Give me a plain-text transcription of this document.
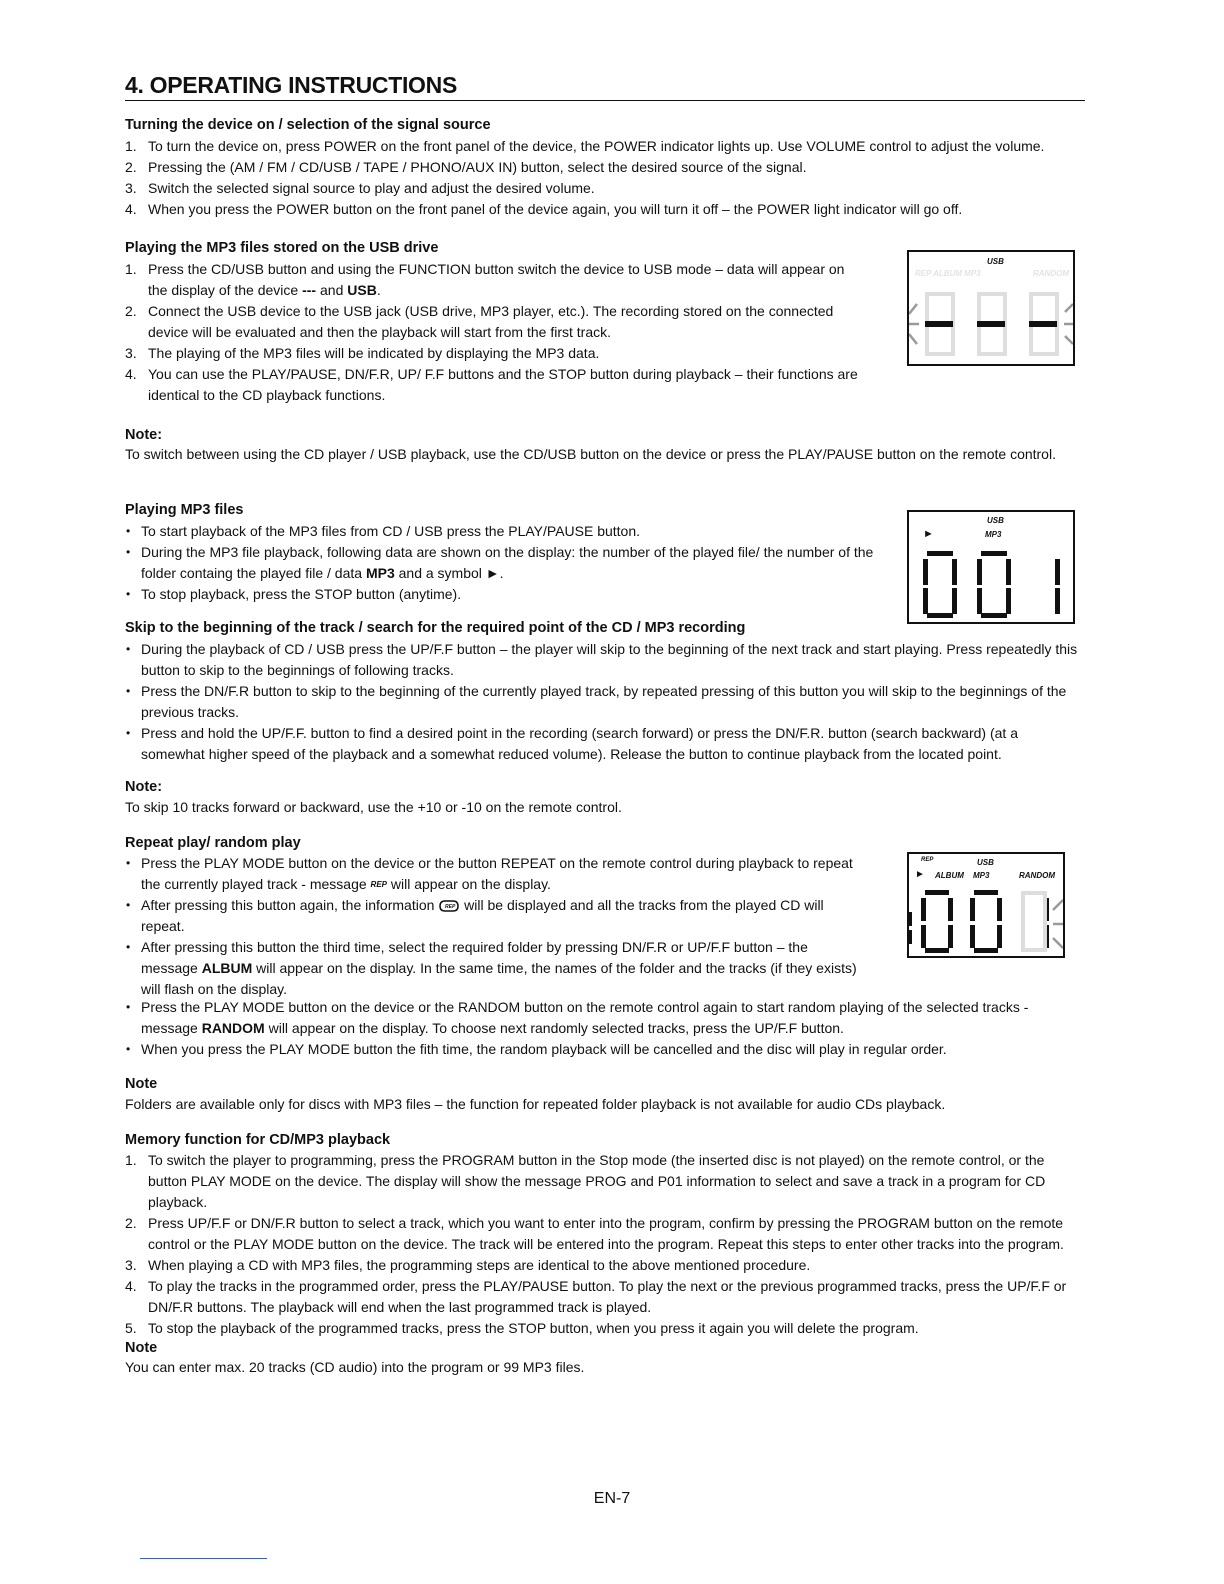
4. OPERATING INSTRUCTIONS
Turning the device on / selection of the signal source
1. To turn the device on, press POWER on the front panel of the device, the POWER indicator lights up. Use VOLUME control to adjust the volume.
2. Pressing the (AM / FM / CD/USB / TAPE / PHONO/AUX IN) button, select the desired source of the signal.
3. Switch the selected signal source to play and adjust the desired volume.
4. When you press the POWER button on the front panel of the device again, you will turn it off – the POWER light indicator will go off.
Playing the MP3 files stored on the USB drive
1. Press the CD/USB button and using the FUNCTION button switch the device to USB mode – data will appear on the display of the device --- and USB.
2. Connect the USB device to the USB jack (USB drive, MP3 player, etc.). The recording stored on the connected device will be evaluated and then the playback will start from the first track.
3. The playing of the MP3 files will be indicated by displaying the MP3 data.
4. You can use the PLAY/PAUSE, DN/F.R, UP/ F.F buttons and the STOP button during playback – their functions are identical to the CD playback functions.
USB
REP ALBUM MP3	RANDOM
Note:
To switch between using the CD player / USB playback, use the CD/USB button on the device or press the PLAY/PAUSE button on the remote control.
Playing MP3 files
• To start playback of the MP3 files from CD / USB press the PLAY/PAUSE button.
• During the MP3 file playback, following data are shown on the display: the number of the played file/ the number of the folder containg the played file / data MP3 and a symbol ►.
• To stop playback, press the STOP button (anytime).
USB
►	MP3
Skip to the beginning of the track / search for the required point of the CD / MP3 recording
• During the playback of CD / USB press the UP/F.F button – the player will skip to the beginning of the next track and start playing. Press repeatedly this button to skip to the beginnings of following tracks.
• Press the DN/F.R button to skip to the beginning of the currently played track, by repeated pressing of this button you will skip to the beginnings of the previous tracks.
• Press and hold the UP/F.F. button to find a desired point in the recording (search forward) or press the DN/F.R. button (search backward) (at a somewhat higher speed of the playback and a somewhat reduced volume). Release the button to continue playback from the located point.
Note:
To skip 10 tracks forward or backward, use the +10 or -10 on the remote control.
Repeat play/ random play
• Press the PLAY MODE button on the device or the button REPEAT on the remote control during playback to repeat the currently played track - message $^{REP}$ will appear on the display.
• After pressing this button again, the information REP will be displayed and all the tracks from the played CD will repeat.
• After pressing this button the third time, select the required folder by pressing DN/F.R or UP/F.F button – the message ALBUM will appear on the display. In the same time, the names of the folder and the tracks (if they exists) will flash on the display.
• Press the PLAY MODE button on the device or the RANDOM button on the remote control again to start random playing of the selected tracks - message RANDOM will appear on the display. To choose next randomly selected tracks, press the UP/F.F button.
• When you press the PLAY MODE button the fith time, the random playback will be cancelled and the disc will play in regular order.
REP	USB
► ALBUM MP3	RANDOM
Note
Folders are available only for discs with MP3 files – the function for repeated folder playback is not available for audio CDs playback.
Memory function for CD/MP3 playback
1. To switch the player to programming, press the PROGRAM button in the Stop mode (the inserted disc is not played) on the remote control, or the button PLAY MODE on the device. The display will show the message PROG and P01 information to select and save a track in a program for CD playback.
2. Press UP/F.F or DN/F.R button to select a track, which you want to enter into the program, confirm by pressing the PROGRAM button on the remote control or the PLAY MODE button on the device. The track will be entered into the program. Repeat this steps to enter other tracks into the program.
3. When playing a CD with MP3 files, the programming steps are identical to the above mentioned procedure.
4. To play the tracks in the programmed order, press the PLAY/PAUSE button. To play the next or the previous programmed tracks, press the UP/F.F or DN/F.R buttons. The playback will end when the last programmed track is played.
5. To stop the playback of the programmed tracks, press the STOP button, when you press it again you will delete the program.
Note
You can enter max. 20 tracks (CD audio) into the program or 99 MP3 files.
EN-7
